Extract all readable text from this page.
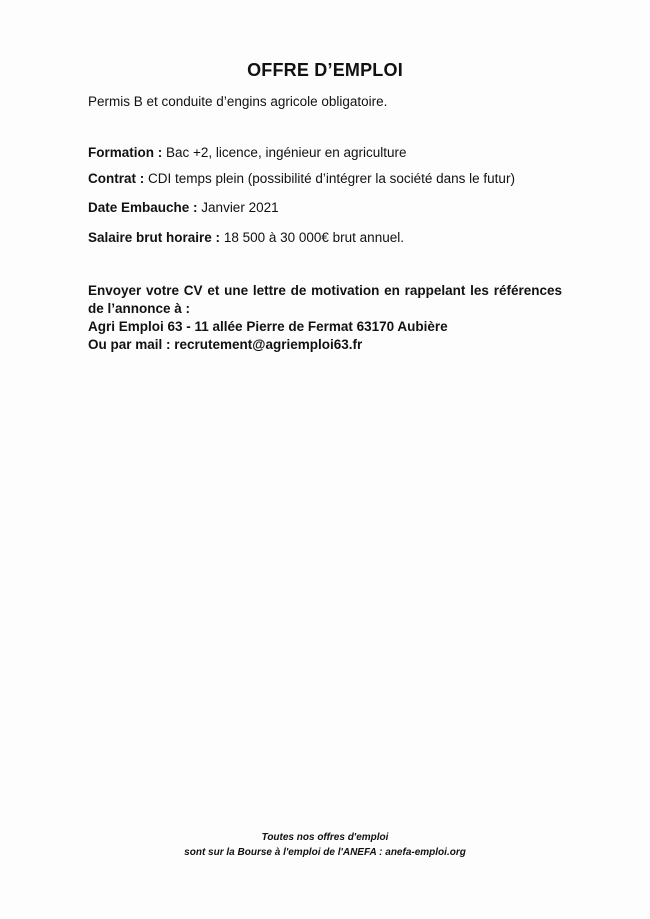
OFFRE D’EMPLOI
Permis B et conduite d’engins agricole obligatoire.
Formation : Bac +2, licence, ingénieur en agriculture
Contrat : CDI temps plein (possibilité d’intégrer la société dans le futur)
Date Embauche : Janvier 2021
Salaire brut horaire : 18 500 à 30 000€ brut annuel.
Envoyer votre CV et une lettre de motivation en rappelant les références de l’annonce à :
Agri Emploi 63 - 11 allée Pierre de Fermat 63170 Aubière
Ou par mail : recrutement@agriemploi63.fr
Toutes nos offres d'emploi
sont sur la Bourse à l'emploi de l'ANEFA : anefa-emploi.org
